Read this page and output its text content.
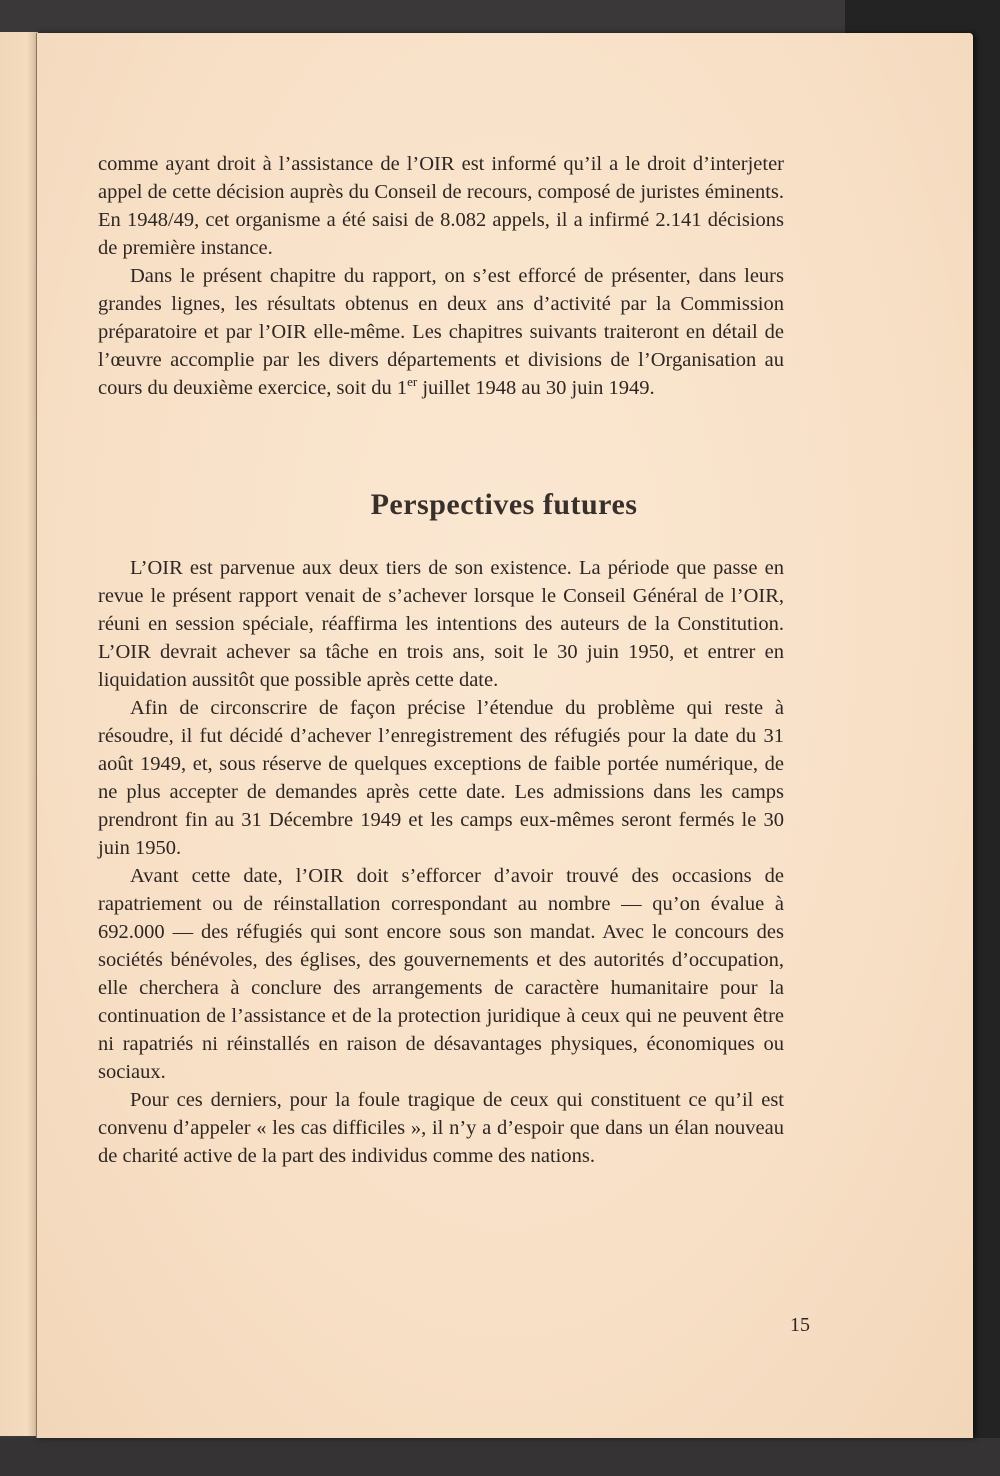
comme ayant droit à l’assistance de l’OIR est informé qu’il a le droit d’interjeter appel de cette décision auprès du Conseil de recours, composé de juristes éminents. En 1948/49, cet organisme a été saisi de 8.082 appels, il a infirmé 2.141 décisions de première instance.

Dans le présent chapitre du rapport, on s’est efforcé de présenter, dans leurs grandes lignes, les résultats obtenus en deux ans d’activité par la Commission préparatoire et par l’OIR elle-même. Les chapitres suivants traiteront en détail de l’œuvre accomplie par les divers départements et divisions de l’Organisation au cours du deuxième exercice, soit du 1er juillet 1948 au 30 juin 1949.

Perspectives futures

L’OIR est parvenue aux deux tiers de son existence. La période que passe en revue le présent rapport venait de s’achever lorsque le Conseil Général de l’OIR, réuni en session spéciale, réaffirma les intentions des auteurs de la Constitution. L’OIR devrait achever sa tâche en trois ans, soit le 30 juin 1950, et entrer en liquidation aussitôt que possible après cette date.

Afin de circonscrire de façon précise l’étendue du problème qui reste à résoudre, il fut décidé d’achever l’enregistrement des réfugiés pour la date du 31 août 1949, et, sous réserve de quelques exceptions de faible portée numérique, de ne plus accepter de demandes après cette date. Les admissions dans les camps prendront fin au 31 Décembre 1949 et les camps eux-mêmes seront fermés le 30 juin 1950.

Avant cette date, l’OIR doit s’efforcer d’avoir trouvé des occasions de rapatriement ou de réinstallation correspondant au nombre — qu’on évalue à 692.000 — des réfugiés qui sont encore sous son mandat. Avec le concours des sociétés bénévoles, des églises, des gouvernements et des autorités d’occupation, elle cherchera à conclure des arrangements de caractère humanitaire pour la continuation de l’assistance et de la protection juridique à ceux qui ne peuvent être ni rapatriés ni réinstallés en raison de désavantages physiques, économiques ou sociaux.

Pour ces derniers, pour la foule tragique de ceux qui constituent ce qu’il est convenu d’appeler « les cas difficiles », il n’y a d’espoir que dans un élan nouveau de charité active de la part des individus comme des nations.

15
